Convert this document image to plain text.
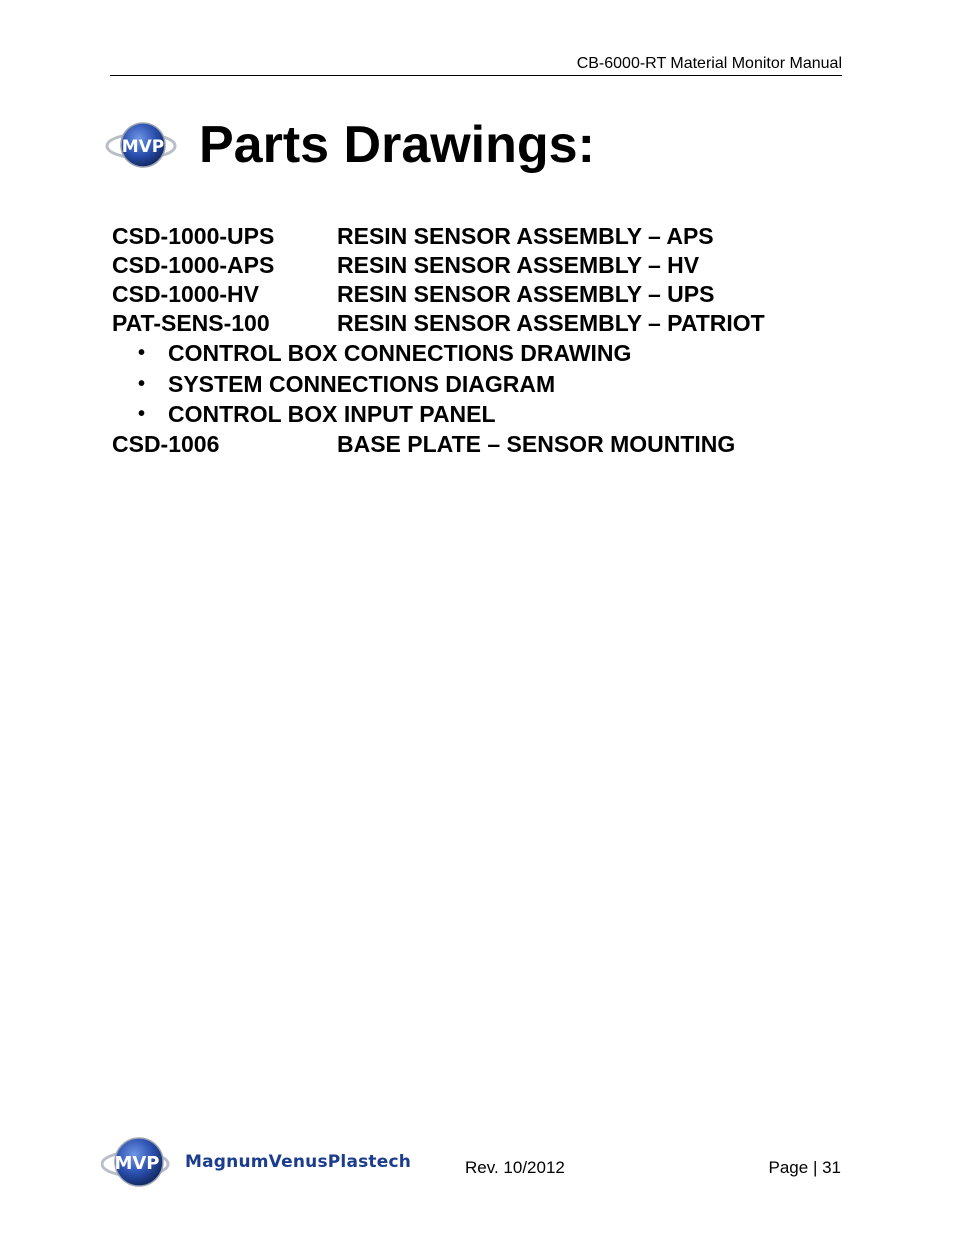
CB-6000-RT Material Monitor Manual
MVP Parts Drawings:
CSD-1000-UPS	RESIN SENSOR ASSEMBLY – APS
CSD-1000-APS	RESIN SENSOR ASSEMBLY – HV
CSD-1000-HV	RESIN SENSOR ASSEMBLY – UPS
PAT-SENS-100	RESIN SENSOR ASSEMBLY – PATRIOT
• CONTROL BOX CONNECTIONS DRAWING
• SYSTEM CONNECTIONS DIAGRAM
• CONTROL BOX INPUT PANEL
CSD-1006	BASE PLATE – SENSOR MOUNTING
MVP MagnumVenusPlastech	Rev. 10/2012	Page | 31
